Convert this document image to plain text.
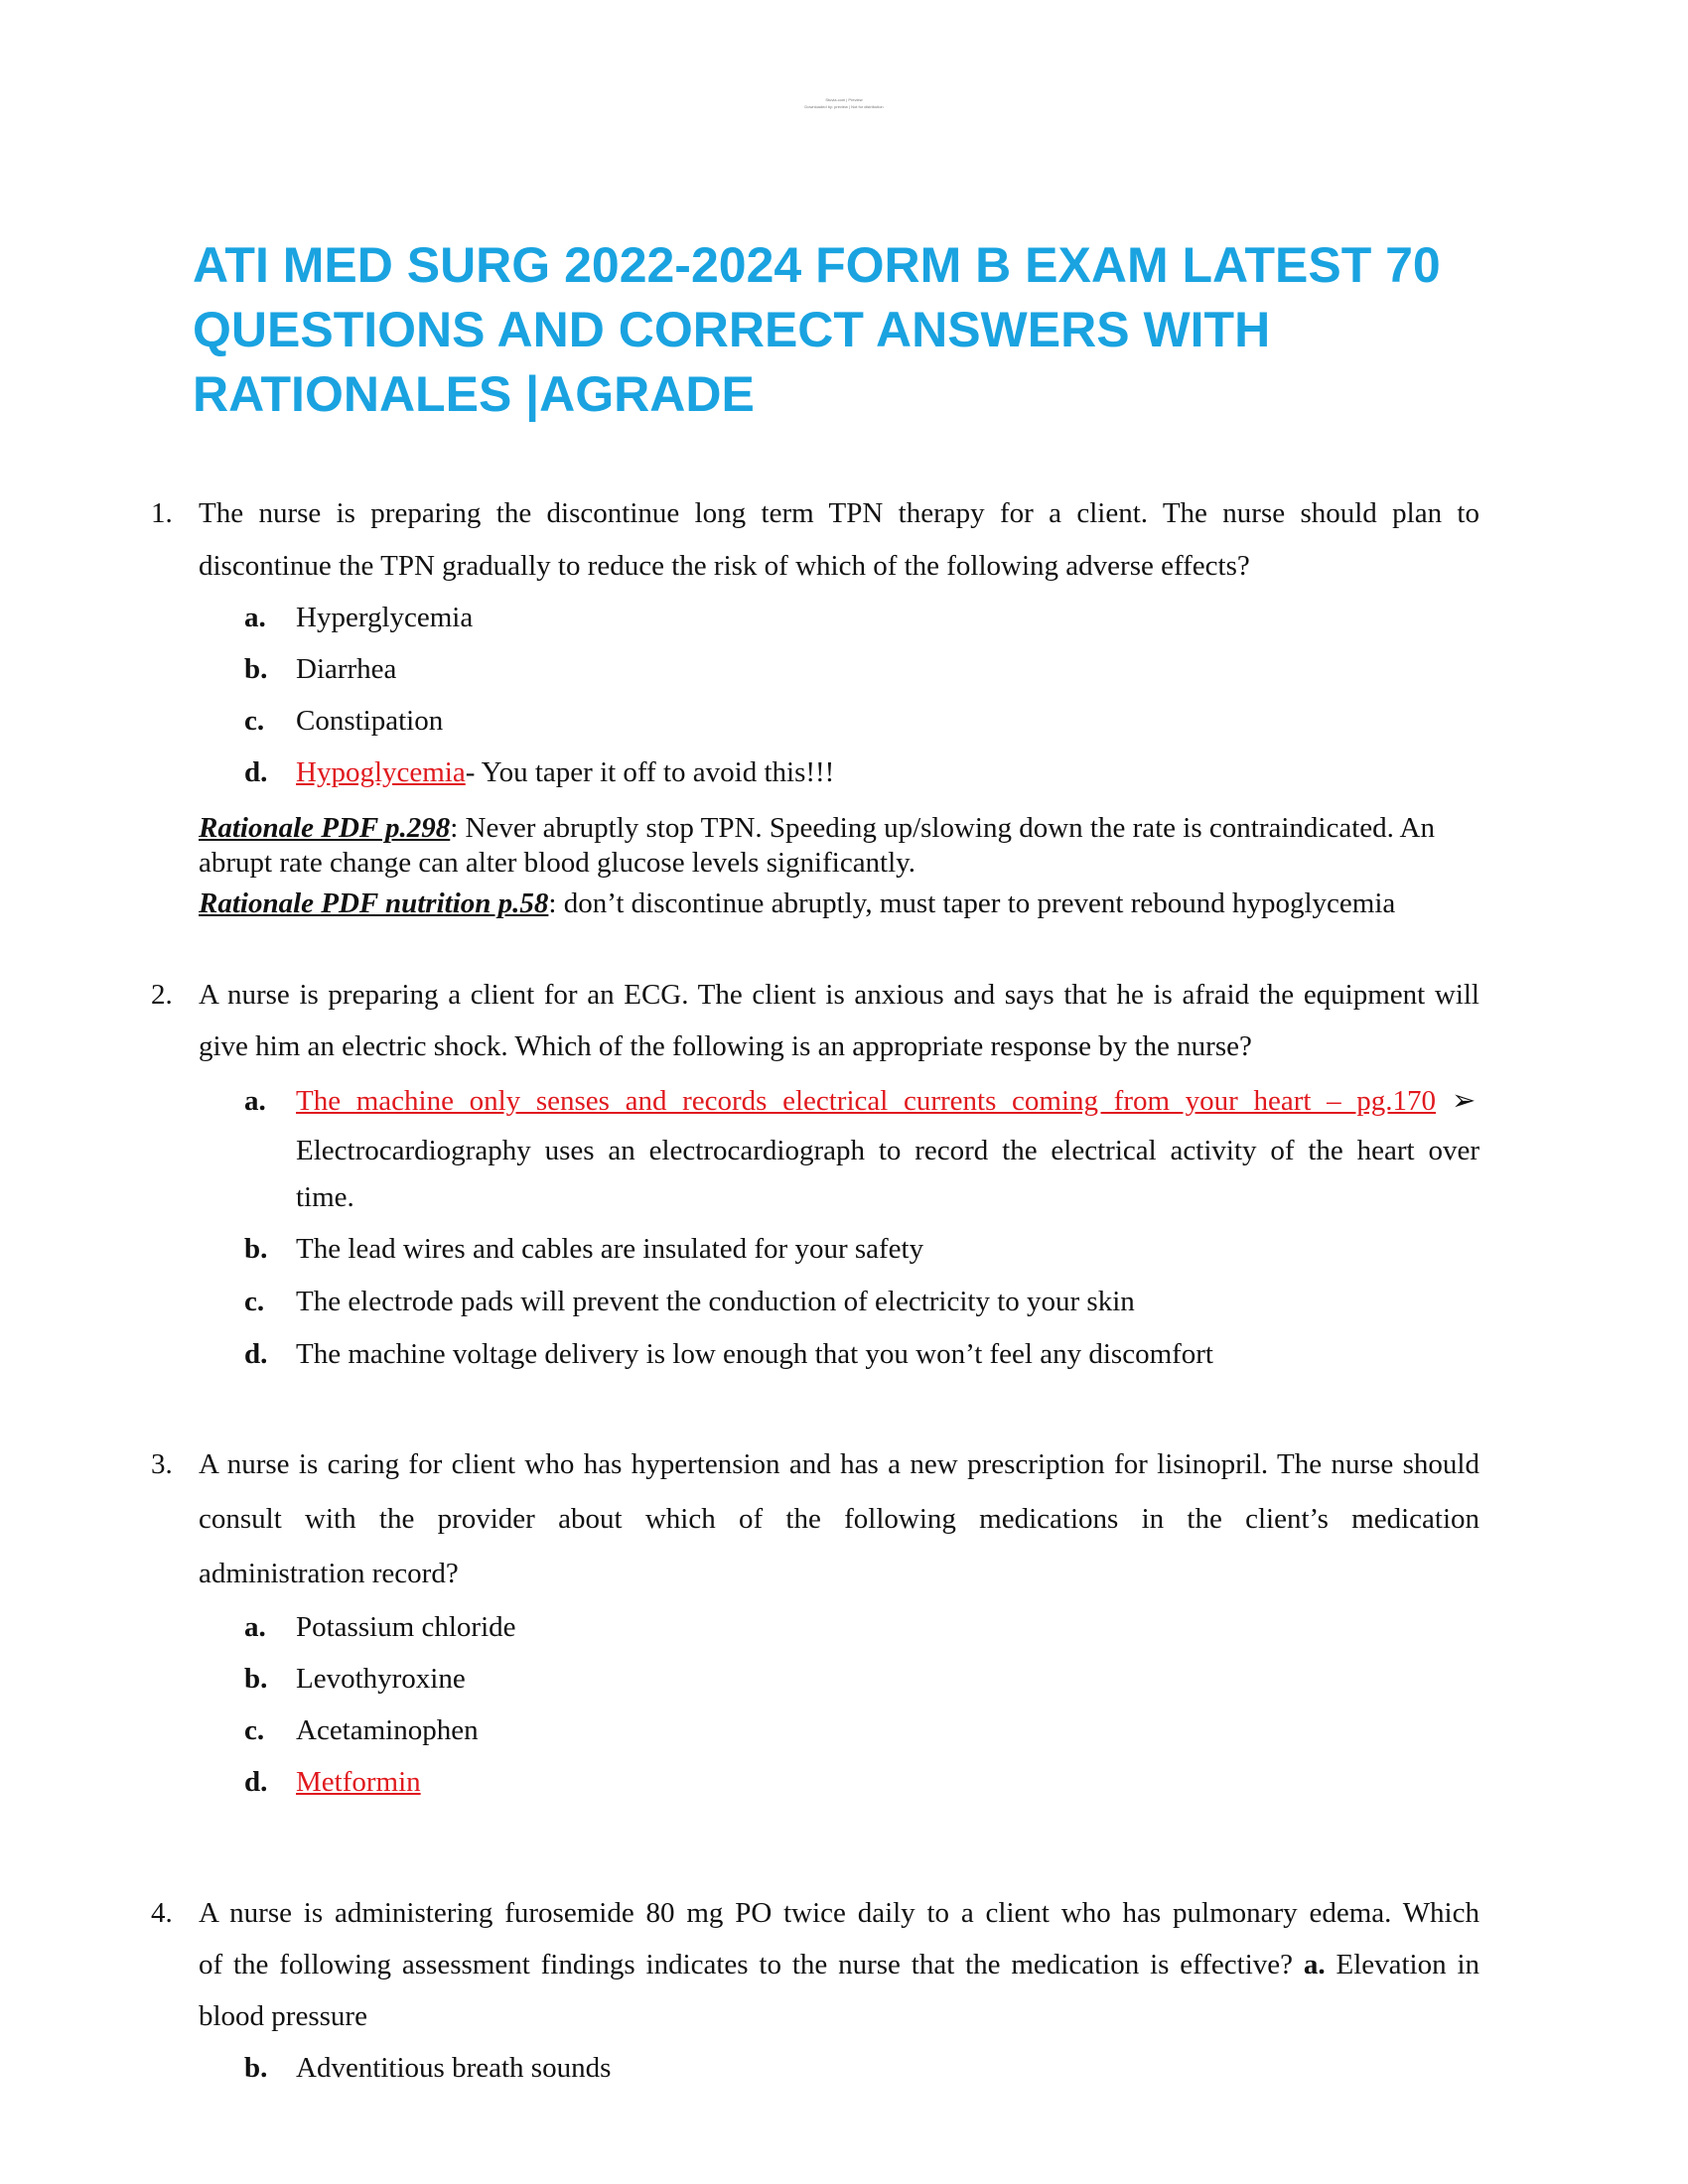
Stuvia.com | Preview
Downloaded by: preview | Not for distribution
ATI MED SURG 2022-2024 FORM B EXAM LATEST 70
QUESTIONS AND CORRECT ANSWERS WITH
RATIONALES |AGRADE
1. The nurse is preparing the discontinue long term TPN therapy for a client. The nurse should plan to
discontinue the TPN gradually to reduce the risk of which of the following adverse effects?
a. Hyperglycemia
b. Diarrhea
c. Constipation
d. Hypoglycemia- You taper it off to avoid this!!!
Rationale PDF p.298: Never abruptly stop TPN. Speeding up/slowing down the rate is contraindicated. An
abrupt rate change can alter blood glucose levels significantly.
Rationale PDF nutrition p.58: don’t discontinue abruptly, must taper to prevent rebound hypoglycemia
2. A nurse is preparing a client for an ECG. The client is anxious and says that he is afraid the equipment will
give him an electric shock. Which of the following is an appropriate response by the nurse?
a. The machine only senses and records electrical currents coming from your heart – pg.170 ➢
Electrocardiography uses an electrocardiograph to record the electrical activity of the heart over
time.
b. The lead wires and cables are insulated for your safety
c. The electrode pads will prevent the conduction of electricity to your skin
d. The machine voltage delivery is low enough that you won’t feel any discomfort
3. A nurse is caring for client who has hypertension and has a new prescription for lisinopril. The nurse should
consult with the provider about which of the following medications in the client’s medication
administration record?
a. Potassium chloride
b. Levothyroxine
c. Acetaminophen
d. Metformin
4. A nurse is administering furosemide 80 mg PO twice daily to a client who has pulmonary edema. Which
of the following assessment findings indicates to the nurse that the medication is effective? a. Elevation in
blood pressure
b. Adventitious breath sounds
